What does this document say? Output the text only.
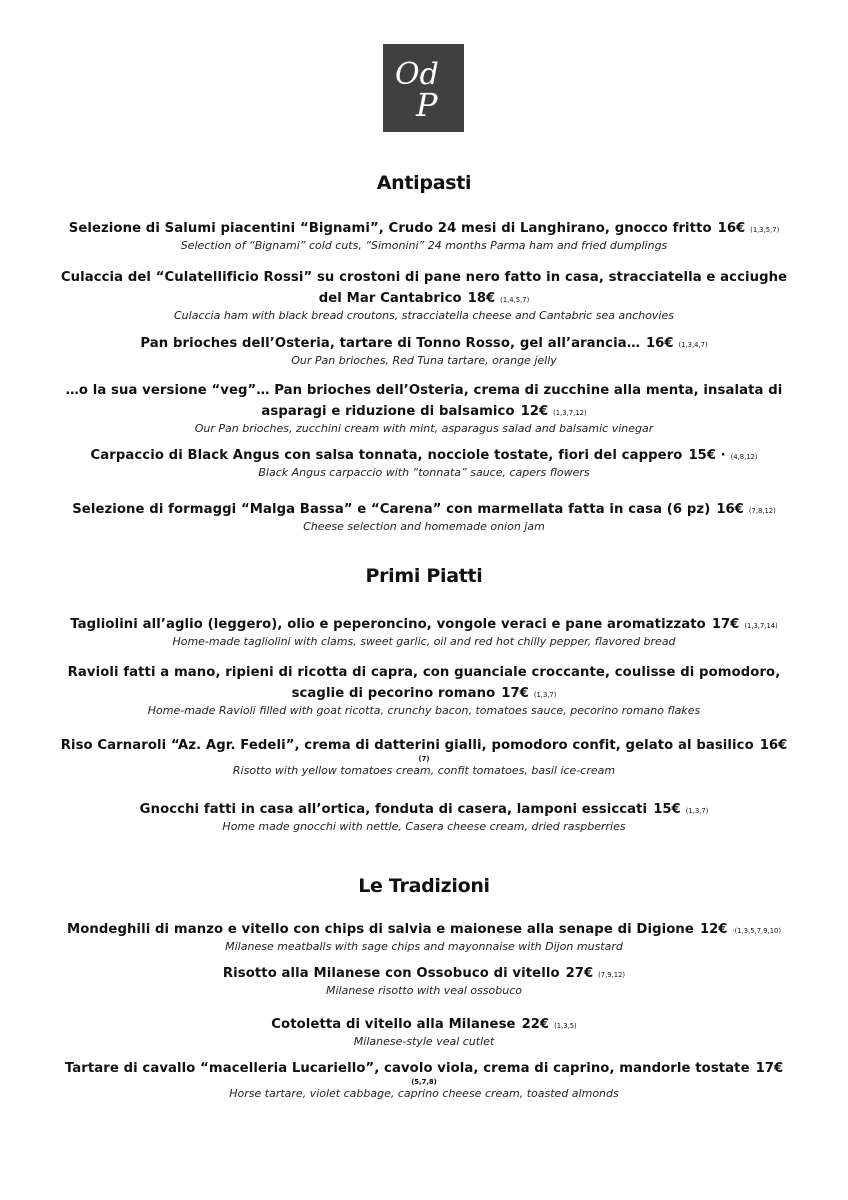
Od
P
Antipasti
Selezione di Salumi piacentini “Bignami”, Crudo 24 mesi di Langhirano, gnocco fritto 16€ (1,3,5,7)
Selection of “Bignami” cold cuts, “Simonini” 24 months Parma ham and fried dumplings
Culaccia del “Culatellificio Rossi” su crostoni di pane nero fatto in casa, stracciatella e acciughe del Mar Cantabrico 18€ (1,4,5,7)
Culaccia ham with black bread croutons, stracciatella cheese and Cantabric sea anchovies
Pan brioches dell’Osteria, tartare di Tonno Rosso, gel all’arancia… 16€ (1,3,4,7)
Our Pan brioches, Red Tuna tartare, orange jelly
…o la sua versione “veg”… Pan brioches dell’Osteria, crema di zucchine alla menta, insalata di asparagi e riduzione di balsamico 12€ (1,3,7,12)
Our Pan brioches, zucchini cream with mint, asparagus salad and balsamic vinegar
Carpaccio di Black Angus con salsa tonnata, nocciole tostate, fiori del cappero 15€ · (4,8,12)
Black Angus carpaccio with “tonnata” sauce, capers flowers
Selezione di formaggi “Malga Bassa” e “Carena” con marmellata fatta in casa (6 pz) 16€ (7,8,12)
Cheese selection and homemade onion jam
Primi Piatti
Tagliolini all’aglio (leggero), olio e peperoncino, vongole veraci e pane aromatizzato 17€ (1,3,7,14)
Home-made tagliolini with clams, sweet garlic, oil and red hot chilly pepper, flavored bread
Ravioli fatti a mano, ripieni di ricotta di capra, con guanciale croccante, coulisse di pomodoro, scaglie di pecorino romano 17€ (1,3,7)
Home-made Ravioli filled with goat ricotta, crunchy bacon, tomatoes sauce, pecorino romano flakes
Riso Carnaroli “Az. Agr. Fedeli”, crema di datterini gialli, pomodoro confit, gelato al basilico 16€
(7)
Risotto with yellow tomatoes cream, confit tomatoes, basil ice-cream
Gnocchi fatti in casa all’ortica, fonduta di casera, lamponi essiccati 15€ (1,3,7)
Home made gnocchi with nettle, Casera cheese cream, dried raspberries
Le Tradizioni
Mondeghili di manzo e vitello con chips di salvia e maionese alla senape di Digione 12€ ·(1,3,5,7,9,10)
Milanese meatballs with sage chips and mayonnaise with Dijon mustard
Risotto alla Milanese con Ossobuco di vitello 27€ (7,9,12)
Milanese risotto with veal ossobuco
Cotoletta di vitello alla Milanese 22€ (1,3,5)
Milanese-style veal cutlet
Tartare di cavallo “macelleria Lucariello”, cavolo viola, crema di caprino, mandorle tostate 17€
(5,7,8)
Horse tartare, violet cabbage, caprino cheese cream, toasted almonds
